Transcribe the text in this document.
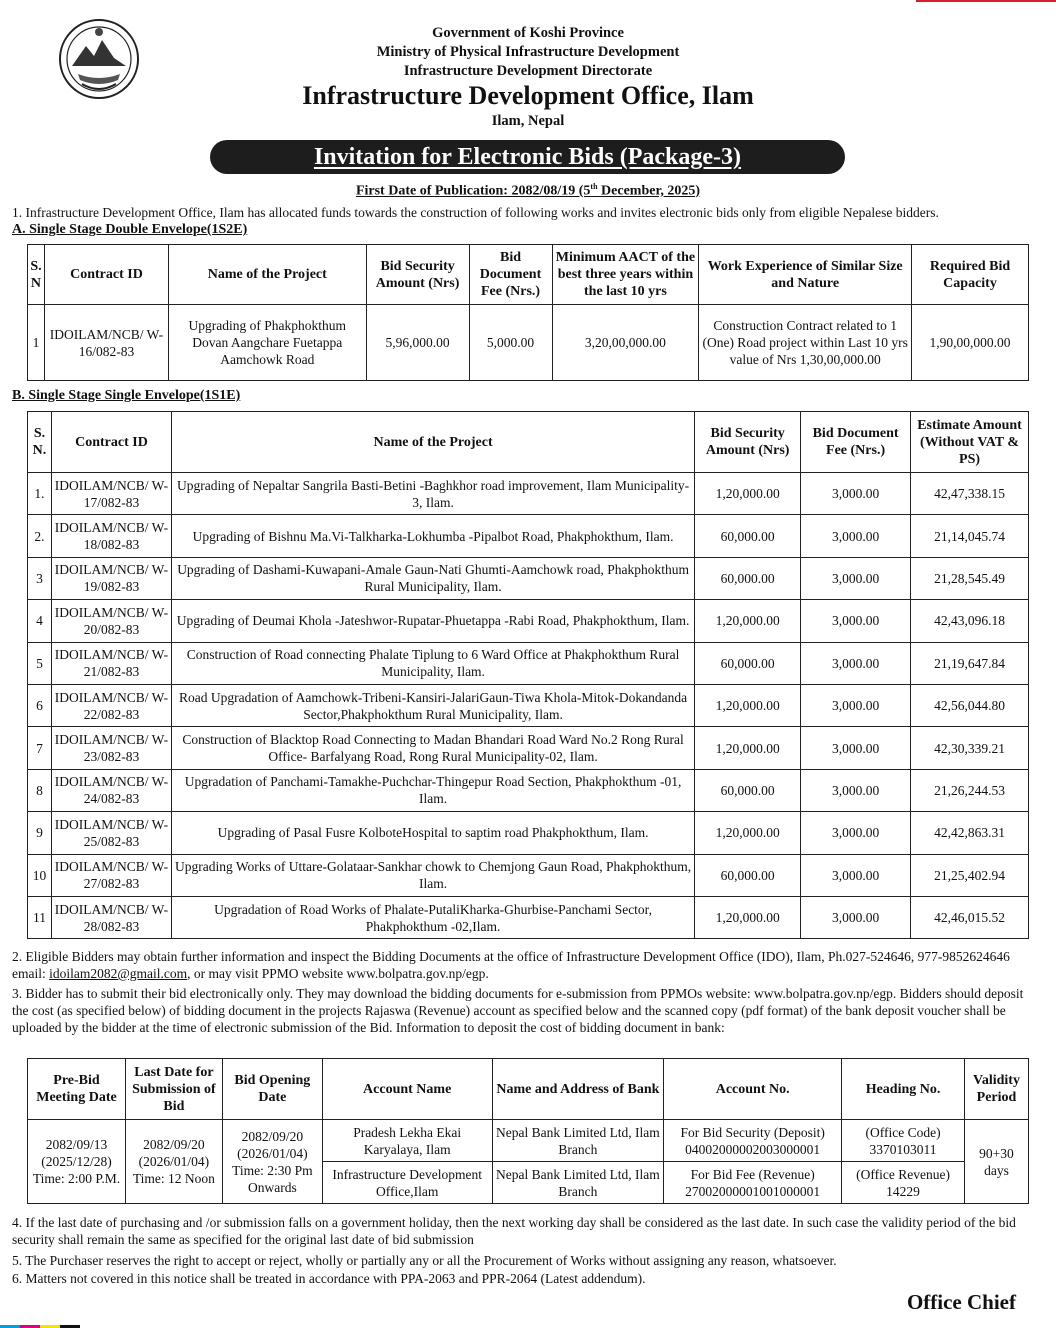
Government of Koshi Province
Ministry of Physical Infrastructure Development
Infrastructure Development Directorate
Infrastructure Development Office, Ilam
Ilam, Nepal
Invitation for Electronic Bids (Package-3)
First Date of Publication: 2082/08/19 (5th December, 2025)
1. Infrastructure Development Office, Ilam has allocated funds towards the construction of following works and invites electronic bids only from eligible Nepalese bidders.
A. Single Stage Double Envelope(1S2E)
S. N	Contract ID	Name of the Project	Bid Security Amount (Nrs)	Bid Document Fee (Nrs.)	Minimum AACT of the best three years within the last 10 yrs	Work Experience of Similar Size and Nature	Required Bid Capacity
1	IDOILAM/NCB/ W-16/082-83	Upgrading of Phakphokthum Dovan Aangchare Fuetappa Aamchowk Road	5,96,000.00	5,000.00	3,20,00,000.00	Construction Contract related to 1 (One) Road project within Last 10 yrs value of Nrs 1,30,00,000.00	1,90,00,000.00
B. Single Stage Single Envelope(1S1E)
S. N.	Contract ID	Name of the Project	Bid Security Amount (Nrs)	Bid Document Fee (Nrs.)	Estimate Amount (Without VAT & PS)
1.	IDOILAM/NCB/ W-17/082-83	Upgrading of Nepaltar Sangrila Basti-Betini -Baghkhor road improvement, Ilam Municipality-3, Ilam.	1,20,000.00	3,000.00	42,47,338.15
2.	IDOILAM/NCB/ W-18/082-83	Upgrading of Bishnu Ma.Vi-Talkharka-Lokhumba -Pipalbot Road, Phakphokthum, Ilam.	60,000.00	3,000.00	21,14,045.74
3	IDOILAM/NCB/ W-19/082-83	Upgrading of Dashami-Kuwapani-Amale Gaun-Nati Ghumti-Aamchowk road, Phakphokthum Rural Municipality, Ilam.	60,000.00	3,000.00	21,28,545.49
4	IDOILAM/NCB/ W-20/082-83	Upgrading of Deumai Khola -Jateshwor-Rupatar-Phuetappa -Rabi Road, Phakphokthum, Ilam.	1,20,000.00	3,000.00	42,43,096.18
5	IDOILAM/NCB/ W-21/082-83	Construction of Road connecting Phalate Tiplung to 6 Ward Office at Phakphokthum Rural Municipality, Ilam.	60,000.00	3,000.00	21,19,647.84
6	IDOILAM/NCB/ W-22/082-83	Road Upgradation of Aamchowk-Tribeni-Kansiri-JalariGaun-Tiwa Khola-Mitok-Dokandanda Sector,Phakphokthum Rural Municipality, Ilam.	1,20,000.00	3,000.00	42,56,044.80
7	IDOILAM/NCB/ W-23/082-83	Construction of Blacktop Road Connecting to Madan Bhandari Road Ward No.2 Rong Rural Office- Barfalyang Road, Rong Rural Municipality-02, Ilam.	1,20,000.00	3,000.00	42,30,339.21
8	IDOILAM/NCB/ W-24/082-83	Upgradation of Panchami-Tamakhe-Puchchar-Thingepur Road Section, Phakphokthum -01, Ilam.	60,000.00	3,000.00	21,26,244.53
9	IDOILAM/NCB/ W-25/082-83	Upgrading of Pasal Fusre KolboteHospital to saptim road Phakphokthum, Ilam.	1,20,000.00	3,000.00	42,42,863.31
10	IDOILAM/NCB/ W-27/082-83	Upgrading Works of Uttare-Golataar-Sankhar chowk to Chemjong Gaun Road, Phakphokthum, Ilam.	60,000.00	3,000.00	21,25,402.94
11	IDOILAM/NCB/ W-28/082-83	Upgradation of Road Works of Phalate-PutaliKharka-Ghurbise-Panchami Sector, Phakphokthum -02,Ilam.	1,20,000.00	3,000.00	42,46,015.52
2. Eligible Bidders may obtain further information and inspect the Bidding Documents at the office of Infrastructure Development Office (IDO), Ilam, Ph.027-524646, 977-9852624646 email: idoilam2082@gmail.com, or may visit PPMO website www.bolpatra.gov.np/egp.
3. Bidder has to submit their bid electronically only. They may download the bidding documents for e-submission from PPMOs website: www.bolpatra.gov.np/egp. Bidders should deposit the cost (as specified below) of bidding document in the projects Rajaswa (Revenue) account as specified below and the scanned copy (pdf format) of the bank deposit voucher shall be uploaded by the bidder at the time of electronic submission of the Bid. Information to deposit the cost of bidding document in bank:
Pre-Bid Meeting Date	Last Date for Submission of Bid	Bid Opening Date	Account Name	Name and Address of Bank	Account No.	Heading No.	Validity Period
2082/09/13 (2025/12/28) Time: 2:00 P.M.	2082/09/20 (2026/01/04) Time: 12 Noon	2082/09/20 (2026/01/04) Time: 2:30 Pm Onwards	Pradesh Lekha Ekai Karyalaya, Ilam	Nepal Bank Limited Ltd, Ilam Branch	For Bid Security (Deposit) 04002000002003000001	(Office Code) 3370103011	90+30 days
			Infrastructure Development Office,Ilam	Nepal Bank Limited Ltd, Ilam Branch	For Bid Fee (Revenue) 27002000001001000001	(Office Revenue) 14229	
4. If the last date of purchasing and /or submission falls on a government holiday, then the next working day shall be considered as the last date. In such case the validity period of the bid security shall remain the same as specified for the original last date of bid submission
5. The Purchaser reserves the right to accept or reject, wholly or partially any or all the Procurement of Works without assigning any reason, whatsoever.
6. Matters not covered in this notice shall be treated in accordance with PPA-2063 and PPR-2064 (Latest addendum).
Office Chief
